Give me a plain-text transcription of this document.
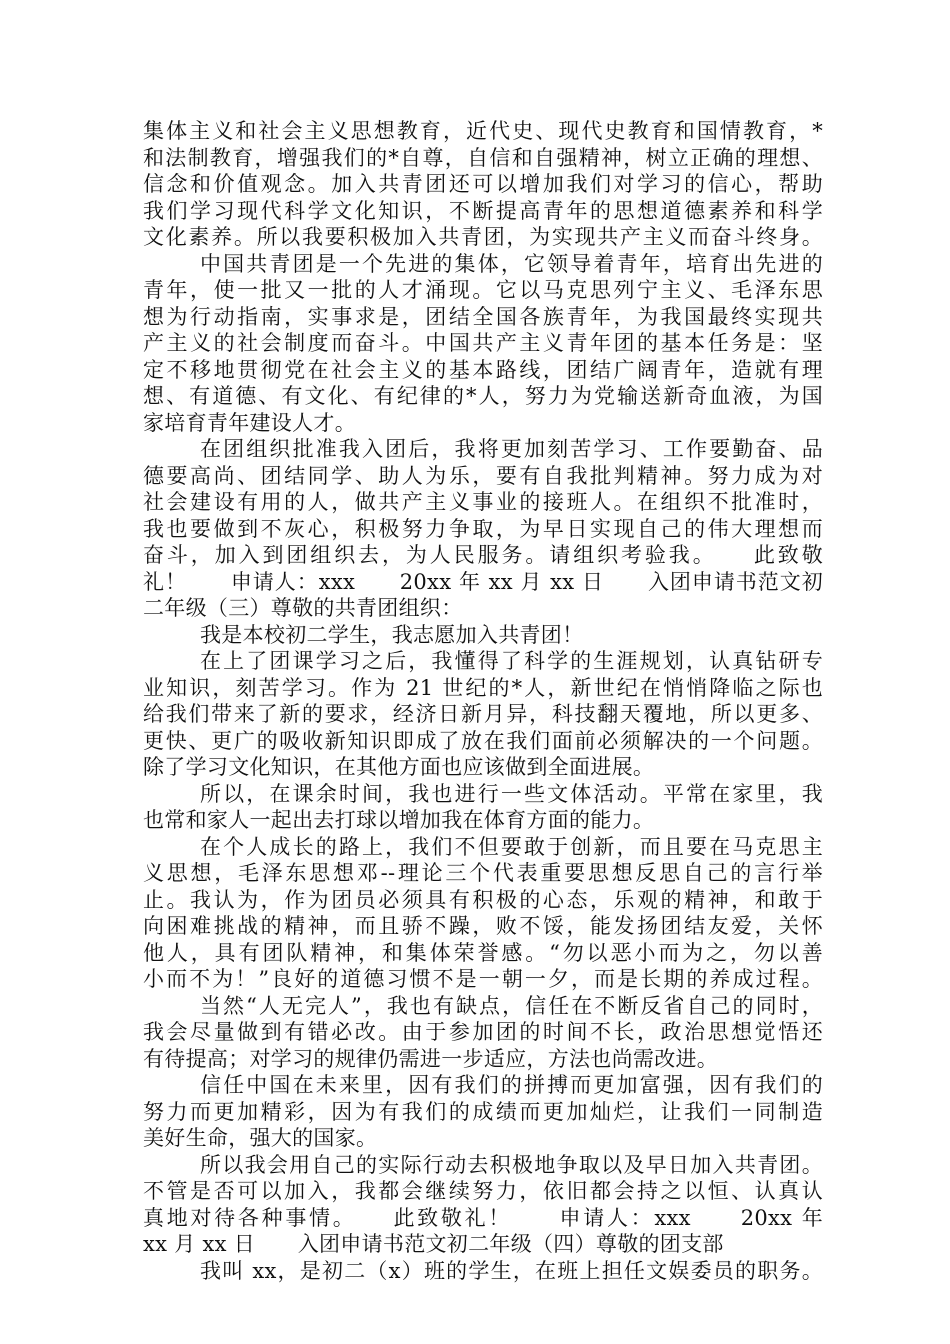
集体主义和社会主义思想教育，近代史、现代史教育和国情教育，*
和法制教育，增强我们的*自尊，自信和自强精神，树立正确的理想、
信念和价值观念。加入共青团还可以增加我们对学习的信心，帮助
我们学习现代科学文化知识，不断提高青年的思想道德素养和科学
文化素养。所以我要积极加入共青团，为实现共产主义而奋斗终身。
中国共青团是一个先进的集体，它领导着青年，培育出先进的
青年，使一批又一批的人才涌现。它以马克思列宁主义、毛泽东思
想为行动指南，实事求是，团结全国各族青年，为我国最终实现共
产主义的社会制度而奋斗。中国共产主义青年团的基本任务是：坚
定不移地贯彻党在社会主义的基本路线，团结广阔青年，造就有理
想、有道德、有文化、有纪律的*人，努力为党输送新奇血液，为国
家培育青年建设人才。
在团组织批准我入团后，我将更加刻苦学习、工作要勤奋、品
德要高尚、团结同学、助人为乐，要有自我批判精神。努力成为对
社会建设有用的人，做共产主义事业的接班人。在组织不批准时，
我也要做到不灰心，积极努力争取，为早日实现自己的伟大理想而
奋斗，加入到团组织去，为人民服务。请组织考验我。　　此致敬
礼！　　申请人：xxx　　20xx 年 xx 月 xx 日　　入团申请书范文初
二年级（三）尊敬的共青团组织：
我是本校初二学生，我志愿加入共青团！
在上了团课学习之后，我懂得了科学的生涯规划，认真钻研专
业知识，刻苦学习。作为 21 世纪的*人，新世纪在悄悄降临之际也
给我们带来了新的要求，经济日新月异，科技翻天覆地，所以更多、
更快、更广的吸收新知识即成了放在我们面前必须解决的一个问题。
除了学习文化知识，在其他方面也应该做到全面进展。
所以，在课余时间，我也进行一些文体活动。平常在家里，我
也常和家人一起出去打球以增加我在体育方面的能力。
在个人成长的路上，我们不但要敢于创新，而且要在马克思主
义思想，毛泽东思想邓--理论三个代表重要思想反思自己的言行举
止。我认为，作为团员必须具有积极的心态，乐观的精神，和敢于
向困难挑战的精神，而且骄不躁，败不馁，能发扬团结友爱，关怀
他人，具有团队精神，和集体荣誉感。“勿以恶小而为之，勿以善
小而不为！”良好的道德习惯不是一朝一夕，而是长期的养成过程。
当然“人无完人”，我也有缺点，信任在不断反省自己的同时，
我会尽量做到有错必改。由于参加团的时间不长，政治思想觉悟还
有待提高；对学习的规律仍需进一步适应，方法也尚需改进。
信任中国在未来里，因有我们的拼搏而更加富强，因有我们的
努力而更加精彩，因为有我们的成绩而更加灿烂，让我们一同制造
美好生命，强大的国家。
所以我会用自己的实际行动去积极地争取以及早日加入共青团。
不管是否可以加入，我都会继续努力，依旧都会持之以恒、认真认
真地对待各种事情。　　此致敬礼！　　申请人：xxx　　20xx 年
xx 月 xx 日　　入团申请书范文初二年级（四）尊敬的团支部
我叫 xx，是初二（x）班的学生，在班上担任文娱委员的职务。
